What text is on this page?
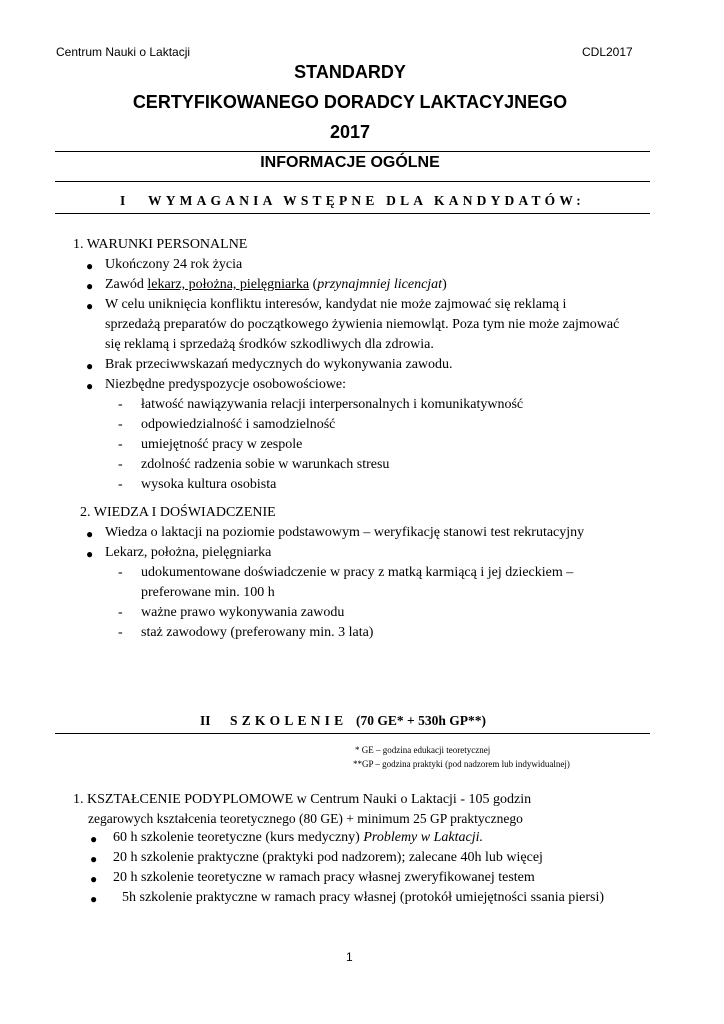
Centrum Nauki o Laktacji	CDL2017
STANDARDY
CERTYFIKOWANEGO DORADCY LAKTACYJNEGO
2017
INFORMACJE OGÓLNE
I WYMAGANIA WSTĘPNE DLA KANDYDATÓW:
1. WARUNKI PERSONALNE
● Ukończony 24 rok życia
● Zawód lekarz, położna, pielęgniarka (przynajmniej licencjat)
● W celu uniknięcia konfliktu interesów, kandydat nie może zajmować się reklamą i
sprzedażą preparatów do początkowego żywienia niemowląt. Poza tym nie może zajmować
się reklamą i sprzedażą środków szkodliwych dla zdrowia.
● Brak przeciwwskazań medycznych do wykonywania zawodu.
● Niezbędne predyspozycje osobowościowe:
- łatwość nawiązywania relacji interpersonalnych i komunikatywność
- odpowiedzialność i samodzielność
- umiejętność pracy w zespole
- zdolność radzenia sobie w warunkach stresu
- wysoka kultura osobista
2. WIEDZA I DOŚWIADCZENIE
● Wiedza o laktacji na poziomie podstawowym – weryfikację stanowi test rekrutacyjny
● Lekarz, położna, pielęgniarka
- udokumentowane doświadczenie w pracy z matką karmiącą i jej dzieckiem –
preferowane min. 100 h
- ważne prawo wykonywania zawodu
- staż zawodowy (preferowany min. 3 lata)
II SZKOLENIE (70 GE* + 530h GP**)
* GE – godzina edukacji teoretycznej
**GP – godzina praktyki (pod nadzorem lub indywidualnej)
1. KSZTAŁCENIE PODYPLOMOWE w Centrum Nauki o Laktacji - 105 godzin
zegarowych kształcenia teoretycznego (80 GE) + minimum 25 GP praktycznego
● 60 h szkolenie teoretyczne (kurs medyczny) Problemy w Laktacji.
● 20 h szkolenie praktyczne (praktyki pod nadzorem); zalecane 40h lub więcej
● 20 h szkolenie teoretyczne w ramach pracy własnej zweryfikowanej testem
● 5h szkolenie praktyczne w ramach pracy własnej (protokół umiejętności ssania piersi)
1
